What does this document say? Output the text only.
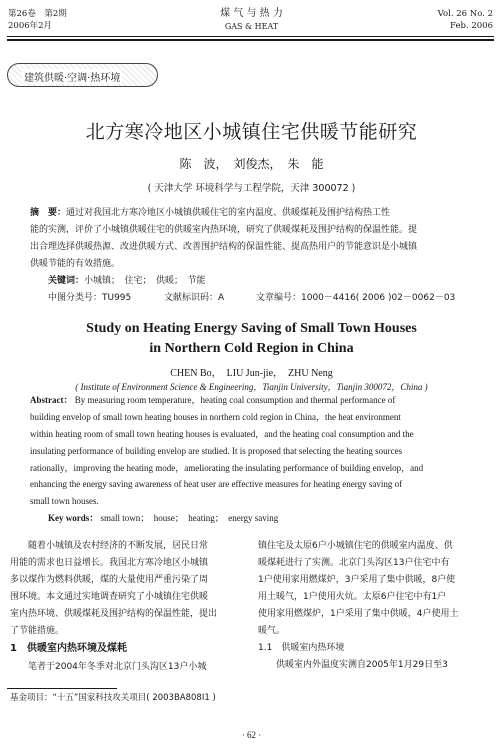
第26卷　第2期
2006年2月
煤 气 与 热 力
GAS & HEAT
Vol. 26 No. 2
Feb. 2006
建筑供暖·空调·热环境
北方寒冷地区小城镇住宅供暖节能研究
陈　波，　刘俊杰，　朱　能
( 天津大学 环境科学与工程学院，天津 300072 )
摘　要：通过对我国北方寒冷地区小城镇供暖住宅的室内温度、供暖煤耗及围护结构热工性
能的实测，评价了小城镇供暖住宅的供暖室内热环境，研究了供暖煤耗及围护结构的保温性能。提
出合理选择供暖热源、改进供暖方式、改善围护结构的保温性能、提高热用户的节能意识是小城镇
供暖节能的有效措施。
关键词：小城镇；　住宅；　供暖；　节能
中图分类号：TU995	文献标识码：A	文章编号：1000－4416( 2006 )02－0062－03
Study on Heating Energy Saving of Small Town Houses
in Northern Cold Region in China
CHEN Bo，　LIU Jun-jie，　ZHU Neng
( Institute of Environment Science & Engineering，Tianjin University，Tianjin 300072，China )
Abstract： By measuring room temperature，heating coal consumption and thermal performance of
building envelop of small town heating houses in northern cold region in China，the heat environment
within heating room of small town heating houses is evaluated，and the heating coal consumption and the
insulating performance of building envelop are studied. It is proposed that selecting the heating sources
rationally，improving the heating mode，ameliorating the insulating performance of building envelop，and
enhancing the energy saving awareness of heat user are effective measures for heating energy saving of
small town houses.
Key words： small town；　house；　heating；　energy saving
　　随着小城镇及农村经济的不断发展，居民日常
用能的需求也日益增长。我国北方寒冷地区小城镇
多以煤作为燃料供暖，煤的大量使用严重污染了周
围环境。本文通过实地调查研究了小城镇住宅供暖
室内热环境、供暖煤耗及围护结构的保温性能，提出
了节能措施。
1　供暖室内热环境及煤耗
　　笔者于2004年冬季对北京门头沟区13户小城
镇住宅及太原6户小城镇住宅的供暖室内温度、供
暖煤耗进行了实测。北京门头沟区13户住宅中有
1户使用家用燃煤炉，3户采用了集中供暖，8户使
用土暖气，1户使用火炕。太原6户住宅中有1户
使用家用燃煤炉，1户采用了集中供暖，4户使用土
暖气。
1.1　供暖室内热环境
　　供暖室内外温度实测自2005年1月29日至3
基金项目：“十五”国家科技攻关项目( 2003BA808I1 )
· 62 ·
